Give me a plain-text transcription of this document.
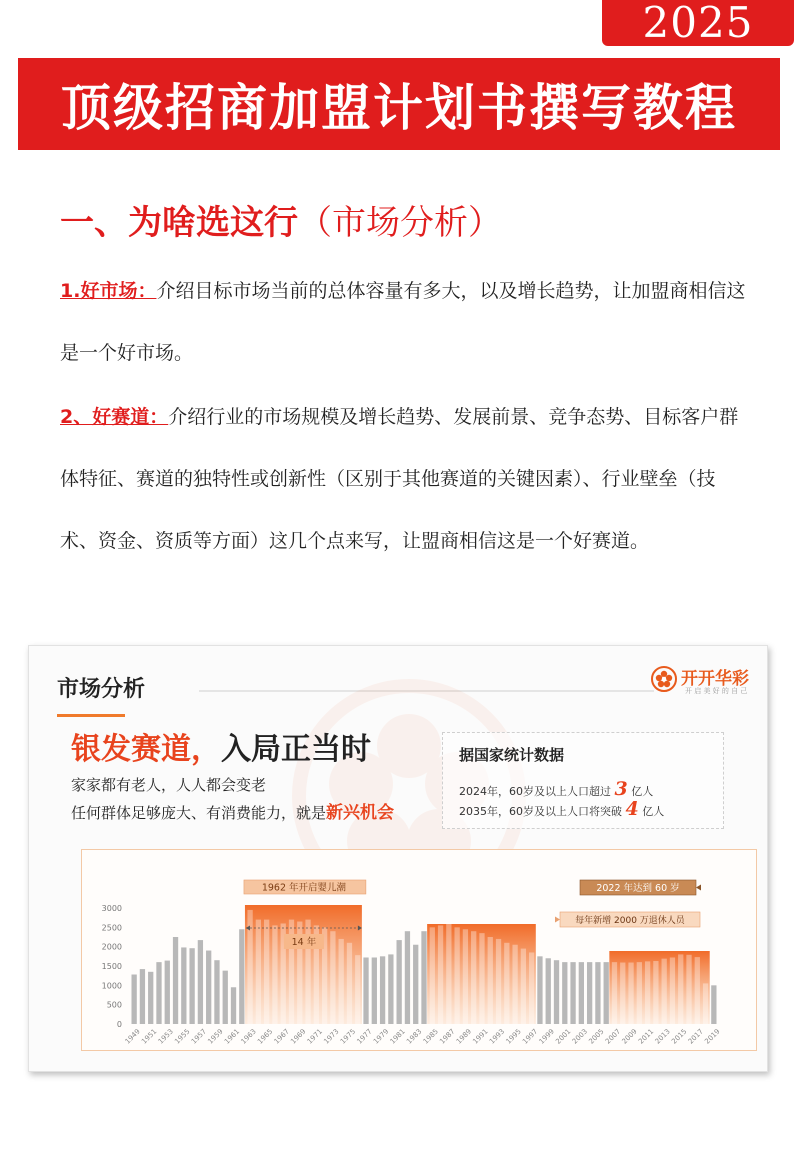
2025
顶级招商加盟计划书撰写教程
一、为啥选这行（市场分析）
1.好市场：介绍目标市场当前的总体容量有多大，以及增长趋势，让加盟商相信这是一个好市场。
2、好赛道：介绍行业的市场规模及增长趋势、发展前景、竞争态势、目标客户群体特征、赛道的独特性或创新性（区别于其他赛道的关键因素）、行业壁垒（技术、资金、资质等方面）这几个点来写，让盟商相信这是一个好赛道。
市场分析	开开华彩
开 启 美 好 的 自 己
银发赛道，入局正当时
家家都有老人，人人都会变老
任何群体足够庞大、有消费能力，就是新兴机会
据国家统计数据
2024年，60岁及以上人口超过 3 亿人
2035年，60岁及以上人口将突破 4 亿人
3000
2500
2000
1500
1000
500
0
1949
1951
1953
1955
1957
1959
1961
1963
1965
1967
1969
1971
1973
1975
1977
1979
1981
1983
1985
1987
1989
1991
1993
1995
1997
1999
2001
2003
2005
2007
2009
2011
2013
2015
2017
2019
1962 年开启婴儿潮
14 年
2022 年达到 60 岁
每年新增 2000 万退休人员
